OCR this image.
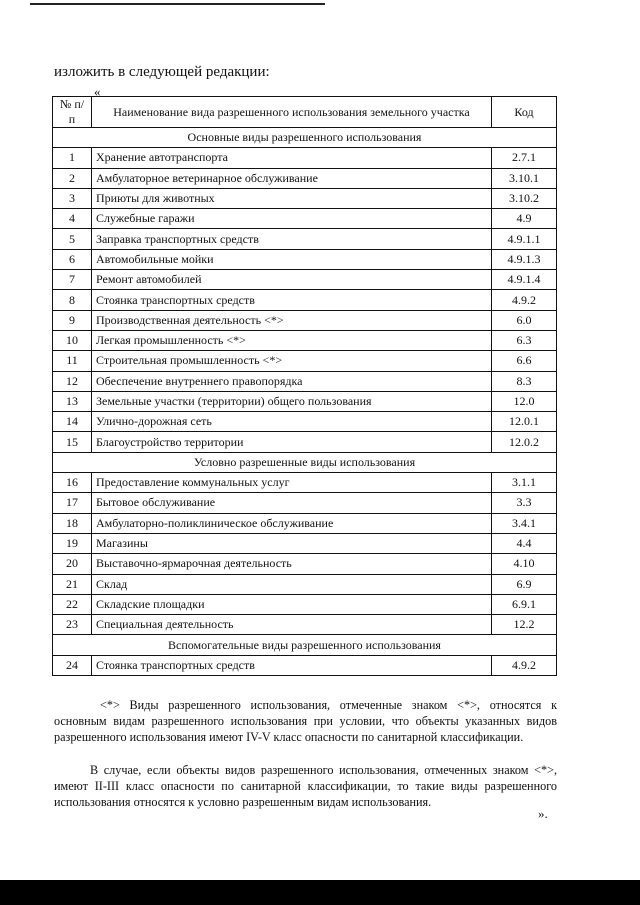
изложить в следующей редакции:
«
№ п/п	Наименование вида разрешенного использования земельного участка	Код
Основные виды разрешенного использования		
1	Хранение автотранспорта	2.7.1
2	Амбулаторное ветеринарное обслуживание	3.10.1
3	Приюты для животных	3.10.2
4	Служебные гаражи	4.9
5	Заправка транспортных средств	4.9.1.1
6	Автомобильные мойки	4.9.1.3
7	Ремонт автомобилей	4.9.1.4
8	Стоянка транспортных средств	4.9.2
9	Производственная деятельность <*>	6.0
10	Легкая промышленность <*>	6.3
11	Строительная промышленность <*>	6.6
12	Обеспечение внутреннего правопорядка	8.3
13	Земельные участки (территории) общего пользования	12.0
14	Улично-дорожная сеть	12.0.1
15	Благоустройство территории	12.0.2
Условно разрешенные виды использования		
16	Предоставление коммунальных услуг	3.1.1
17	Бытовое обслуживание	3.3
18	Амбулаторно-поликлиническое обслуживание	3.4.1
19	Магазины	4.4
20	Выставочно-ярмарочная деятельность	4.10
21	Склад	6.9
22	Складские площадки	6.9.1
23	Специальная деятельность	12.2
Вспомогательные виды разрешенного использования		
24	Стоянка транспортных средств	4.9.2

<*> Виды разрешенного использования, отмеченные знаком <*>, относятся к основным видам разрешенного использования при условии, что объекты указанных видов разрешенного использования имеют IV-V класс опасности по санитарной классификации.

В случае, если объекты видов разрешенного использования, отмеченных знаком <*>, имеют II-III класс опасности по санитарной классификации, то такие виды разрешенного использования относятся к условно разрешенным видам использования.

».
